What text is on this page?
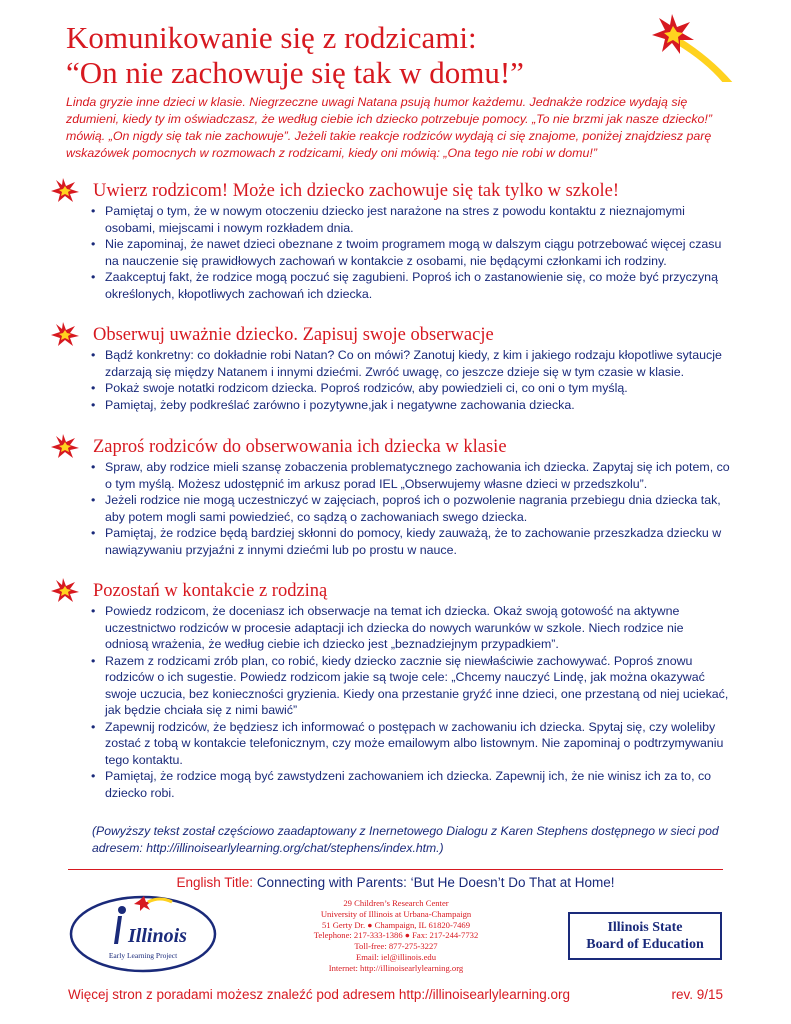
Komunikowanie się z rodzicami:
“On nie zachowuje się tak w domu!”
Linda gryzie inne dzieci w klasie. Niegrzeczne uwagi Natana psują humor każdemu. Jednakże rodzice wydają się zdumieni, kiedy ty im oświadczasz, że według ciebie ich dziecko potrzebuje pomocy. „To nie brzmi jak nasze dziecko!” mówią. „On nigdy się tak nie zachowuje”. Jeżeli takie reakcje rodziców wydają ci się znajome, poniżej znajdziesz parę wskazówek pomocnych w rozmowach z rodzicami, kiedy oni mówią: „Ona tego nie robi w domu!”
Uwierz rodzicom! Może ich dziecko zachowuje się tak tylko w szkole!
• Pamiętaj o tym, że w nowym otoczeniu dziecko jest narażone na stres z powodu kontaktu z nieznajomymi osobami, miejscami i nowym rozkładem dnia.
• Nie zapominaj, że nawet dzieci obeznane z twoim programem mogą w dalszym ciągu potrzebować więcej czasu na nauczenie się prawidłowych zachowań w kontakcie z osobami, nie będącymi członkami ich rodziny.
• Zaakceptuj fakt, że rodzice mogą poczuć się zagubieni. Poproś ich o zastanowienie się, co może być przyczyną określonych, kłopotliwych zachowań ich dziecka.
Obserwuj uważnie dziecko. Zapisuj swoje obserwacje
• Bądź konkretny: co dokładnie robi Natan? Co on mówi? Zanotuj kiedy, z kim i jakiego rodzaju kłopotliwe sytaucje zdarzają się między Natanem i innymi dziećmi. Zwróć uwagę, co jeszcze dzieje się w tym czasie w klasie.
• Pokaż swoje notatki rodzicom dziecka. Poproś rodziców, aby powiedzieli ci, co oni o tym myślą.
• Pamiętaj, żeby podkreślać zarówno i pozytywne,jak i negatywne zachowania dziecka.
Zaproś rodziców do obserwowania ich dziecka w klasie
• Spraw, aby rodzice mieli szansę zobaczenia problematycznego zachowania ich dziecka. Zapytaj się ich potem, co o tym myślą. Możesz udostępnić im arkusz porad IEL „Obserwujemy własne dzieci w przedszkolu”.
• Jeżeli rodzice nie mogą uczestniczyć w zajęciach, poproś ich o pozwolenie nagrania przebiegu dnia dziecka tak, aby potem mogli sami powiedzieć, co sądzą o zachowaniach swego dziecka.
• Pamiętaj, że rodzice będą bardziej skłonni do pomocy, kiedy zauważą, że to zachowanie przeszkadza dziecku w nawiązywaniu przyjaźni z innymi dziećmi lub po prostu w nauce.
Pozostań w kontakcie z rodziną
• Powiedz rodzicom, że doceniasz ich obserwacje na temat ich dziecka. Okaż swoją gotowość na aktywne uczestnictwo rodziców w procesie adaptacji ich dziecka do nowych warunków w szkole. Niech rodzice nie odniosą wrażenia, że według ciebie ich dziecko jest „beznadziejnym przypadkiem”.
• Razem z rodzicami zrób plan, co robić, kiedy dziecko zacznie się niewłaściwie zachowywać. Poproś znowu rodziców o ich sugestie. Powiedz rodzicom jakie są twoje cele: „Chcemy nauczyć Lindę, jak można okazywać swoje uczucia, bez konieczności gryzienia. Kiedy ona przestanie gryźć inne dzieci, one przestaną od niej uciekać, jak będzie chciała się z nimi bawić”
• Zapewnij rodziców, że będziesz ich informować o postępach w zachowaniu ich dziecka. Spytaj się, czy woleliby zostać z tobą w kontakcie telefonicznym, czy może emailowym albo listownym. Nie zapominaj o podtrzymywaniu tego kontaktu.
• Pamiętaj, że rodzice mogą być zawstydzeni zachowaniem ich dziecka. Zapewnij ich, że nie winisz ich za to, co dziecko robi.
(Powyższy tekst został częściowo zaadaptowany z Inernetowego Dialogu z Karen Stephens dostępnego w sieci pod adresem: http://illinoisearlylearning.org/chat/stephens/index.htm.)
English Title: Connecting with Parents: ‘But He Doesn’t Do That at Home!
Illinois
Early Learning Project
29 Children’s Research Center
University of Illinois at Urbana-Champaign
51 Gerty Dr. ● Champaign, IL 61820-7469
Telephone: 217-333-1386 ● Fax: 217-244-7732
Toll-free: 877-275-3227
Email: iel@illinois.edu
Internet: http://illinoisearlylearning.org
Illinois State
Board of Education
Więcej stron z poradami możesz znaleźć pod adresem http://illinoisearlylearning.org	rev. 9/15
